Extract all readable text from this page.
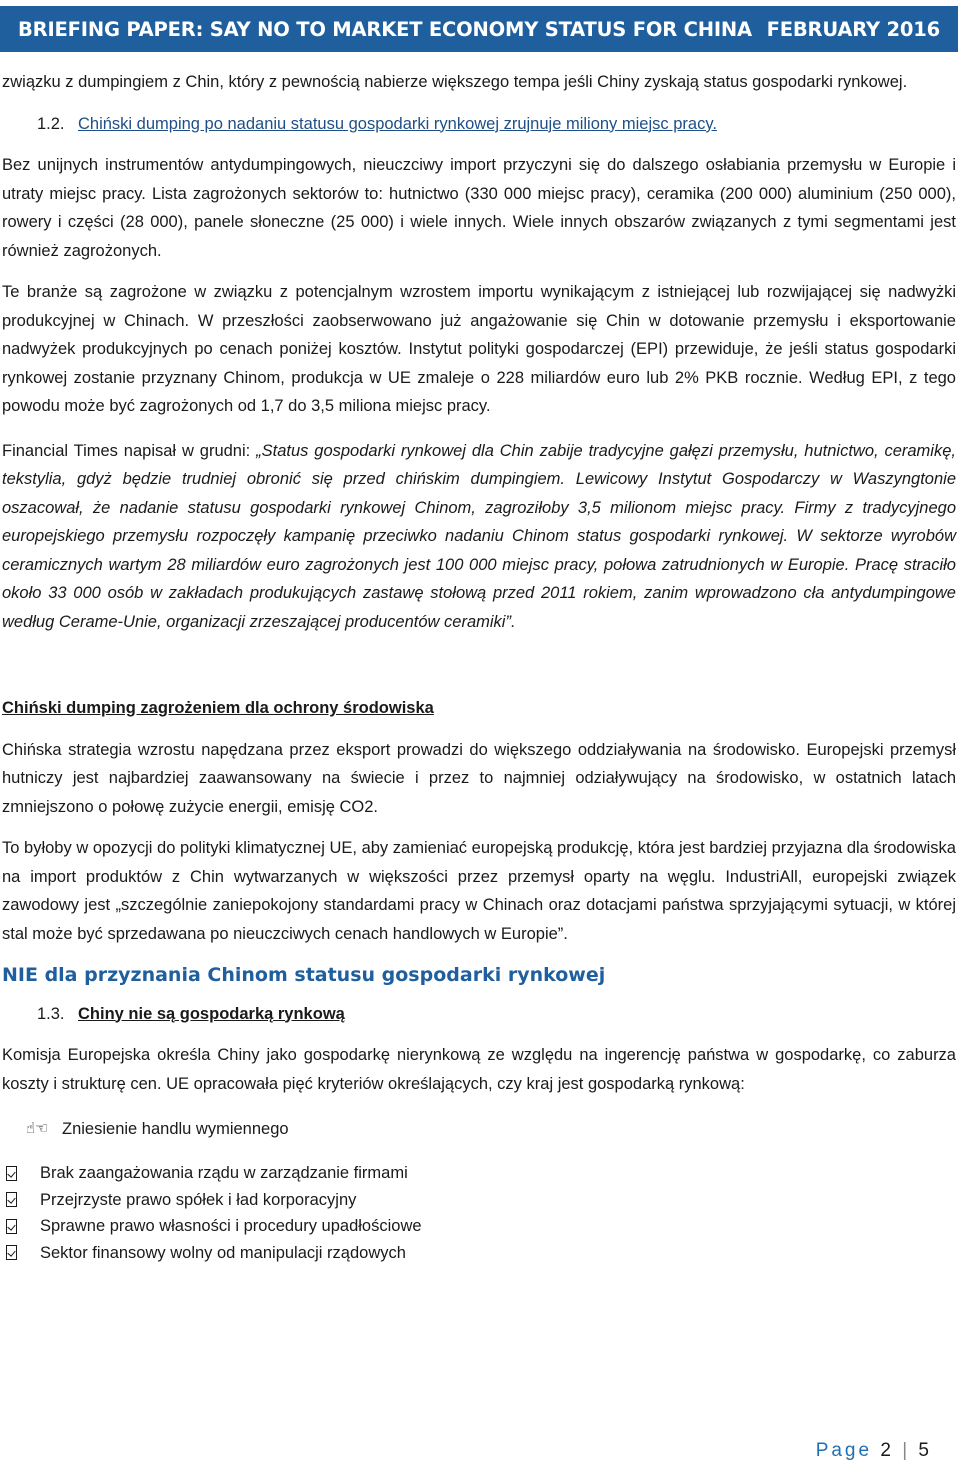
BRIEFING PAPER: SAY NO TO MARKET ECONOMY STATUS FOR CHINA FEBRUARY 2016

związku z dumpingiem z Chin, który z pewnością nabierze większego tempa jeśli Chiny zyskają status gospodarki rynkowej.

1.2. Chiński dumping po nadaniu statusu gospodarki rynkowej zrujnuje miliony miejsc pracy.

Bez unijnych instrumentów antydumpingowych, nieuczciwy import przyczyni się do dalszego osłabiania przemysłu w Europie i utraty miejsc pracy. Lista zagrożonych sektorów to: hutnictwo (330 000 miejsc pracy), ceramika (200 000) aluminium (250 000), rowery i części (28 000), panele słoneczne (25 000) i wiele innych. Wiele innych obszarów związanych z tymi segmentami jest również zagrożonych.

Te branże są zagrożone w związku z potencjalnym wzrostem importu wynikającym z istniejącej lub rozwijającej się nadwyżki produkcyjnej w Chinach. W przeszłości zaobserwowano już angażowanie się Chin w dotowanie przemysłu i eksportowanie nadwyżek produkcyjnych po cenach poniżej kosztów. Instytut polityki gospodarczej (EPI) przewiduje, że jeśli status gospodarki rynkowej zostanie przyznany Chinom, produkcja w UE zmaleje o 228 miliardów euro lub 2% PKB rocznie. Według EPI, z tego powodu może być zagrożonych od 1,7 do 3,5 miliona miejsc pracy.

Financial Times napisał w grudni: „Status gospodarki rynkowej dla Chin zabije tradycyjne gałęzi przemysłu, hutnictwo, ceramikę, tekstylia, gdyż będzie trudniej obronić się przed chińskim dumpingiem. Lewicowy Instytut Gospodarczy w Waszyngtonie oszacował, że nadanie statusu gospodarki rynkowej Chinom, zagroziłoby 3,5 milionom miejsc pracy. Firmy z tradycyjnego europejskiego przemysłu rozpoczęły kampanię przeciwko nadaniu Chinom status gospodarki rynkowej. W sektorze wyrobów ceramicznych wartym 28 miliardów euro zagrożonych jest 100 000 miejsc pracy, połowa zatrudnionych w Europie. Pracę straciło około 33 000 osób w zakładach produkujących zastawę stołową przed 2011 rokiem, zanim wprowadzono cła antydumpingowe według Cerame-Unie, organizacji zrzeszającej producentów ceramiki”.

Chiński dumping zagrożeniem dla ochrony środowiska

Chińska strategia wzrostu napędzana przez eksport prowadzi do większego oddziaływania na środowisko. Europejski przemysł hutniczy jest najbardziej zaawansowany na świecie i przez to najmniej odziaływujący na środowisko, w ostatnich latach zmniejszono o połowę zużycie energii, emisję CO2.

To byłoby w opozycji do polityki klimatycznej UE, aby zamieniać europejską produkcję, która jest bardziej przyjazna dla środowiska na import produktów z Chin wytwarzanych w większości przez przemysł oparty na węglu. IndustriAll, europejski związek zawodowy jest „szczególnie zaniepokojony standardami pracy w Chinach oraz dotacjami państwa sprzyjającymi sytuacji, w której stal może być sprzedawana po nieuczciwych cenach handlowych w Europie”.

NIE dla przyznania Chinom statusu gospodarki rynkowej

1.3. Chiny nie są gospodarką rynkową

Komisja Europejska określa Chiny jako gospodarkę nierynkową ze względu na ingerencję państwa w gospodarkę, co zaburza koszty i strukturę cen. UE opracowała pięć kryteriów określających, czy kraj jest gospodarką rynkową:

☝☜ Zniesienie handlu wymiennego
Brak zaangażowania rządu w zarządzanie firmami
Przejrzyste prawo spółek i ład korporacyjny
Sprawne prawo własności i procedury upadłościowe
Sektor finansowy wolny od manipulacji rządowych
Page 2 | 5
